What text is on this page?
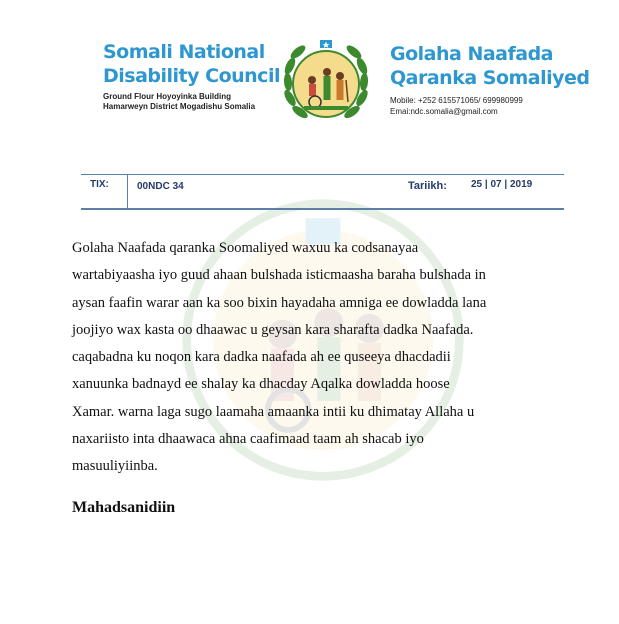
Somali National
Disability Council
Ground Flour Hoyoyinka Building
Hamarweyn District Mogadishu Somalia
Golaha Naafada
Qaranka Somaliyed
Mobile: +252 615571065/ 699980999
Emai:ndc.somalia@gmail.com
TIX:	00NDC 34	Tariikh: 25 | 07 | 2019
Golaha Naafada qaranka Soomaliyed waxuu ka codsanayaa
wartabiyaasha iyo guud ahaan bulshada isticmaasha baraha bulshada in
aysan faafin warar aan ka soo bixin hayadaha amniga ee dowladda lana
joojiyo wax kasta oo dhaawac u geysan kara sharafta dadka Naafada.
caqabadna ku noqon kara dadka naafada ah ee quseeya dhacdadii
xanuunka badnayd ee shalay ka dhacday Aqalka dowladda hoose
Xamar. warna laga sugo laamaha amaanka intii ku dhimatay Allaha u
naxariisto inta dhaawaca ahna caafimaad taam ah shacab iyo
masuuliyiinba.
Mahadsanidiin
